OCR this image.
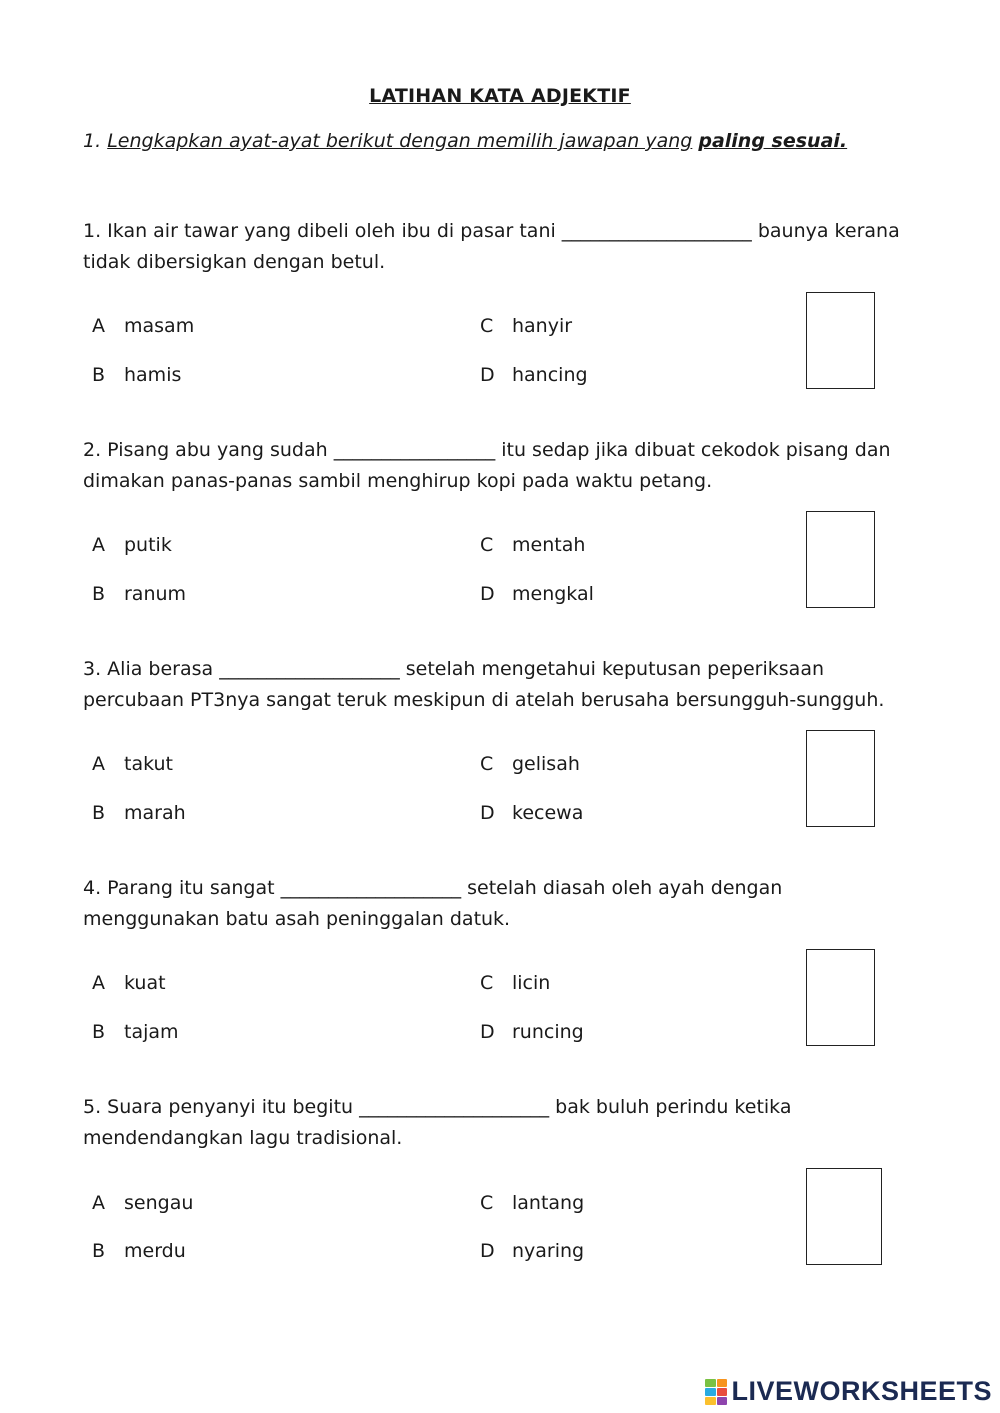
LATIHAN KATA ADJEKTIF
1. Lengkapkan ayat-ayat berikut dengan memilih jawapan yang paling sesuai.
1. Ikan air tawar yang dibeli oleh ibu di pasar tani ____________________ baunya kerana
tidak dibersigkan dengan betul.
A masam
B hamis
C hanyir
D hancing
2. Pisang abu yang sudah _________________ itu sedap jika dibuat cekodok pisang dan
dimakan panas-panas sambil menghirup kopi pada waktu petang.
A putik
B ranum
C mentah
D mengkal
3. Alia berasa ___________________ setelah mengetahui keputusan peperiksaan
percubaan PT3nya sangat teruk meskipun di atelah berusaha bersungguh-sungguh.
A takut
B marah
C gelisah
D kecewa
4. Parang itu sangat ___________________ setelah diasah oleh ayah dengan
menggunakan batu asah peninggalan datuk.
A kuat
B tajam
C licin
D runcing
5. Suara penyanyi itu begitu ____________________ bak buluh perindu ketika
mendendangkan lagu tradisional.
A sengau
B merdu
C lantang
D nyaring
LIVEWORKSHEETS
